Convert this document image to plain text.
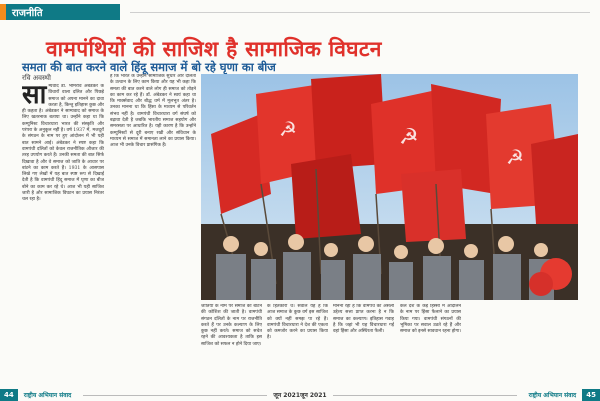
राजनीति
वामपंथियों की साजिश है सामाजिक विघटन
समता की बात करने वाले हिंदू समाज में बो रहे घृणा का बीज
रवि अवस्थी
सा म्यवाद डॉ. भीमराव अंबेडकर के विचारों वाला दलित और पिछड़े समाज को अपना मानने का दावा करता है, किन्तु इतिहास कुछ और ही कहता है। अंबेडकर ने साम्यवाद को समाज के लिए खतरनाक बताया था। उन्होंने कहा था कि कम्युनिस्ट विचारधारा भारत की संस्कृति और परंपरा के अनुकूल नहीं है। वर्ष 1937 में, मजदूरों के संगठन के नाम पर हुए आंदोलन में भी यही बात सामने आई। अंबेडकर ने स्पष्ट कहा कि वामपंथी दलितों को केवल राजनीतिक औजार की तरह उपयोग करते हैं। उनकी समता की बात सिर्फ दिखावा है और वे समाज को जाति के आधार पर बांटने का काम करते हैं। 1931 के आसपास लिखे गए लेखों में यह बात स्पष्ट रूप से दिखाई देती है कि वामपंथी हिंदू समाज में घृणा का बीज बोने का काम कर रहे थे। आज भी यही साजिश जारी है और सामाजिक विघटन का प्रयास निरंतर चल रहा है।
है कि भारत के उन्होंने सामाजिक सुधार और दलितों के उत्थान के लिए काम किया और यह भी कहा कि समता की बात करने वाले लोग ही समाज को तोड़ने का काम कर रहे हैं। डॉ. अंबेडकर ने स्वयं कहा था कि मार्क्सवाद और बौद्ध धर्म में मूलभूत अंतर है। उनका मानना था कि हिंसा के माध्यम से परिवर्तन संभव नहीं है। वामपंथी विचारधारा वर्ग संघर्ष को बढ़ावा देती है जबकि भारतीय समाज सहयोग और समरसता पर आधारित है। यही कारण है कि उन्होंने कम्युनिस्टों से दूरी बनाए रखी और संविधान के माध्यम से समाज में समानता लाने का प्रयास किया। आज भी उनके विचार प्रासंगिक हैं।
☭	☭
☭
जातियों के नाम पर समाज को बांटने की कोशिश की जाती है। वामपंथी संगठन दलितों के नाम पर राजनीति करते हैं पर उनके कल्याण के लिए कुछ नहीं करते। समाज को सचेत रहने की आवश्यकता है ताकि इस साजिश को सफल न होने दिया जाए।
के हितकारी थे। सवाल यह है कि आज समाज के कुछ वर्ग इस साजिश को क्यों नहीं समझ पा रहे हैं। वामपंथी विचारधारा ने देश की एकता को कमजोर करने का प्रयास किया है।
मानना रहा है कि वामपंथ का असली उद्देश्य सत्ता प्राप्त करना है न कि समाज का कल्याण। इतिहास गवाह है कि जहां भी यह विचारधारा गई वहां हिंसा और अस्थिरता फैली।
कल देश के कई हिस्सों में आंदोलन के नाम पर हिंसा फैलाने का प्रयास किया गया। वामपंथी संगठनों की भूमिका पर सवाल उठते रहे हैं और समाज को इनसे सावधान रहना होगा।
44	राष्ट्रीय अभियान संवाद	जून 2021 जून 2021	राष्ट्रीय अभियान संवाद	45
